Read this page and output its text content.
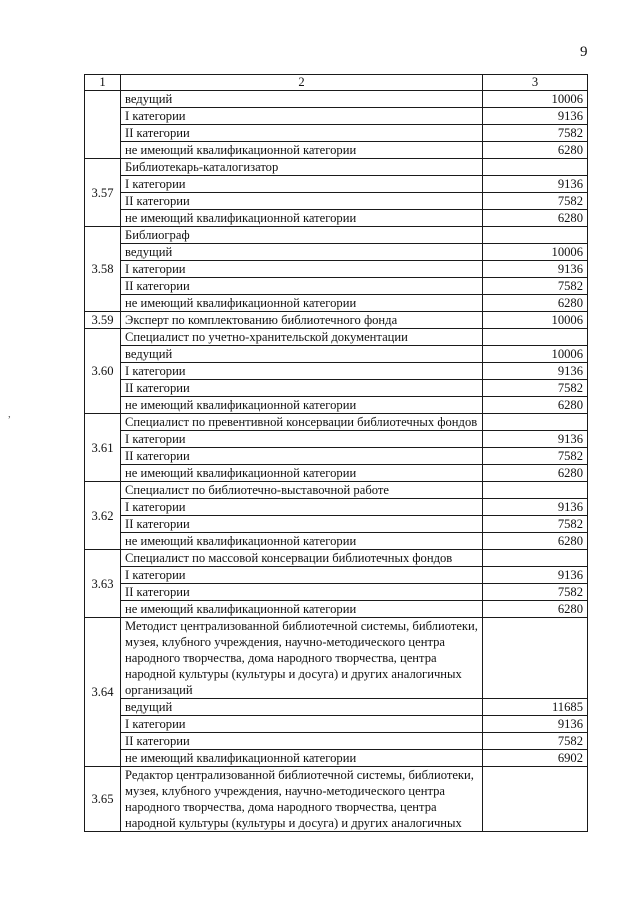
9
,
1	2	3
	ведущий	10006
	I категории	9136
	II категории	7582
	не имеющий квалификационной категории	6280
3.57	Библиотекарь-каталогизатор	
	I категории	9136
	II категории	7582
	не имеющий квалификационной категории	6280
3.58	Библиограф	
	ведущий	10006
	I категории	9136
	II категории	7582
	не имеющий квалификационной категории	6280
3.59	Эксперт по комплектованию библиотечного фонда	10006
3.60	Специалист по учетно-хранительской документации	
	ведущий	10006
	I категории	9136
	II категории	7582
	не имеющий квалификационной категории	6280
3.61	Специалист по превентивной консервации библиотечных фондов	
	I категории	9136
	II категории	7582
	не имеющий квалификационной категории	6280
3.62	Специалист по библиотечно-выставочной работе	
	I категории	9136
	II категории	7582
	не имеющий квалификационной категории	6280
3.63	Специалист по массовой консервации библиотечных фондов	
	I категории	9136
	II категории	7582
	не имеющий квалификационной категории	6280
3.64	Методист централизованной библиотечной системы, библиотеки, музея, клубного учреждения, научно-методического центра народного творчества, дома народного творчества, центра народной культуры (культуры и досуга) и других аналогичных организаций	
	ведущий	11685
	I категории	9136
	II категории	7582
	не имеющий квалификационной категории	6902
3.65	Редактор централизованной библиотечной системы, библиотеки, музея, клубного учреждения, научно-методического центра народного творчества, дома народного творчества, центра народной культуры (культуры и досуга) и других аналогичных	
